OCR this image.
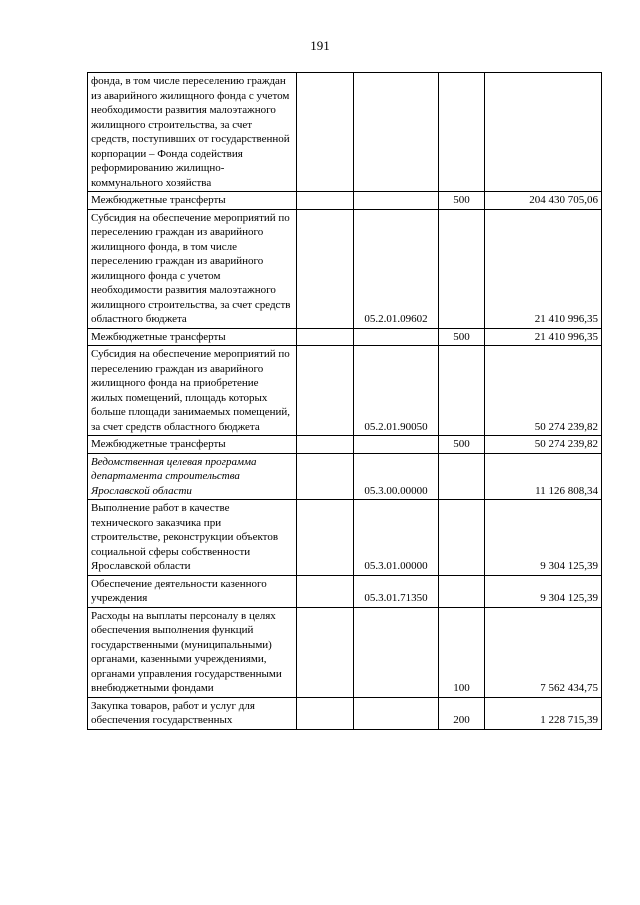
191
фонда, в том числе переселению граждан из аварийного жилищного фонда с учетом необходимости развития малоэтажного жилищного строительства, за счет средств, поступивших от государственной корпорации – Фонда содействия реформированию жилищно-коммунального хозяйства				
Межбюджетные трансферты			500	204 430 705,06
Субсидия на обеспечение мероприятий по переселению граждан из аварийного жилищного фонда, в том числе переселению граждан из аварийного жилищного фонда с учетом необходимости развития малоэтажного жилищного строительства, за счет средств областного бюджета		05.2.01.09602		21 410 996,35
Межбюджетные трансферты			500	21 410 996,35
Субсидия на обеспечение мероприятий по переселению граждан из аварийного жилищного фонда на приобретение жилых помещений, площадь которых больше площади занимаемых помещений, за счет средств областного бюджета		05.2.01.90050		50 274 239,82
Межбюджетные трансферты			500	50 274 239,82
Ведомственная целевая программа департамента строительства Ярославской области		05.3.00.00000		11 126 808,34
Выполнение работ в качестве технического заказчика при строительстве, реконструкции объектов социальной сферы собственности Ярославской области		05.3.01.00000		9 304 125,39
Обеспечение деятельности казенного учреждения		05.3.01.71350		9 304 125,39
Расходы на выплаты персоналу в целях обеспечения выполнения функций государственными (муниципальными) органами, казенными учреждениями, органами управления государственными внебюджетными фондами			100	7 562 434,75
Закупка товаров, работ и услуг для обеспечения государственных			200	1 228 715,39
